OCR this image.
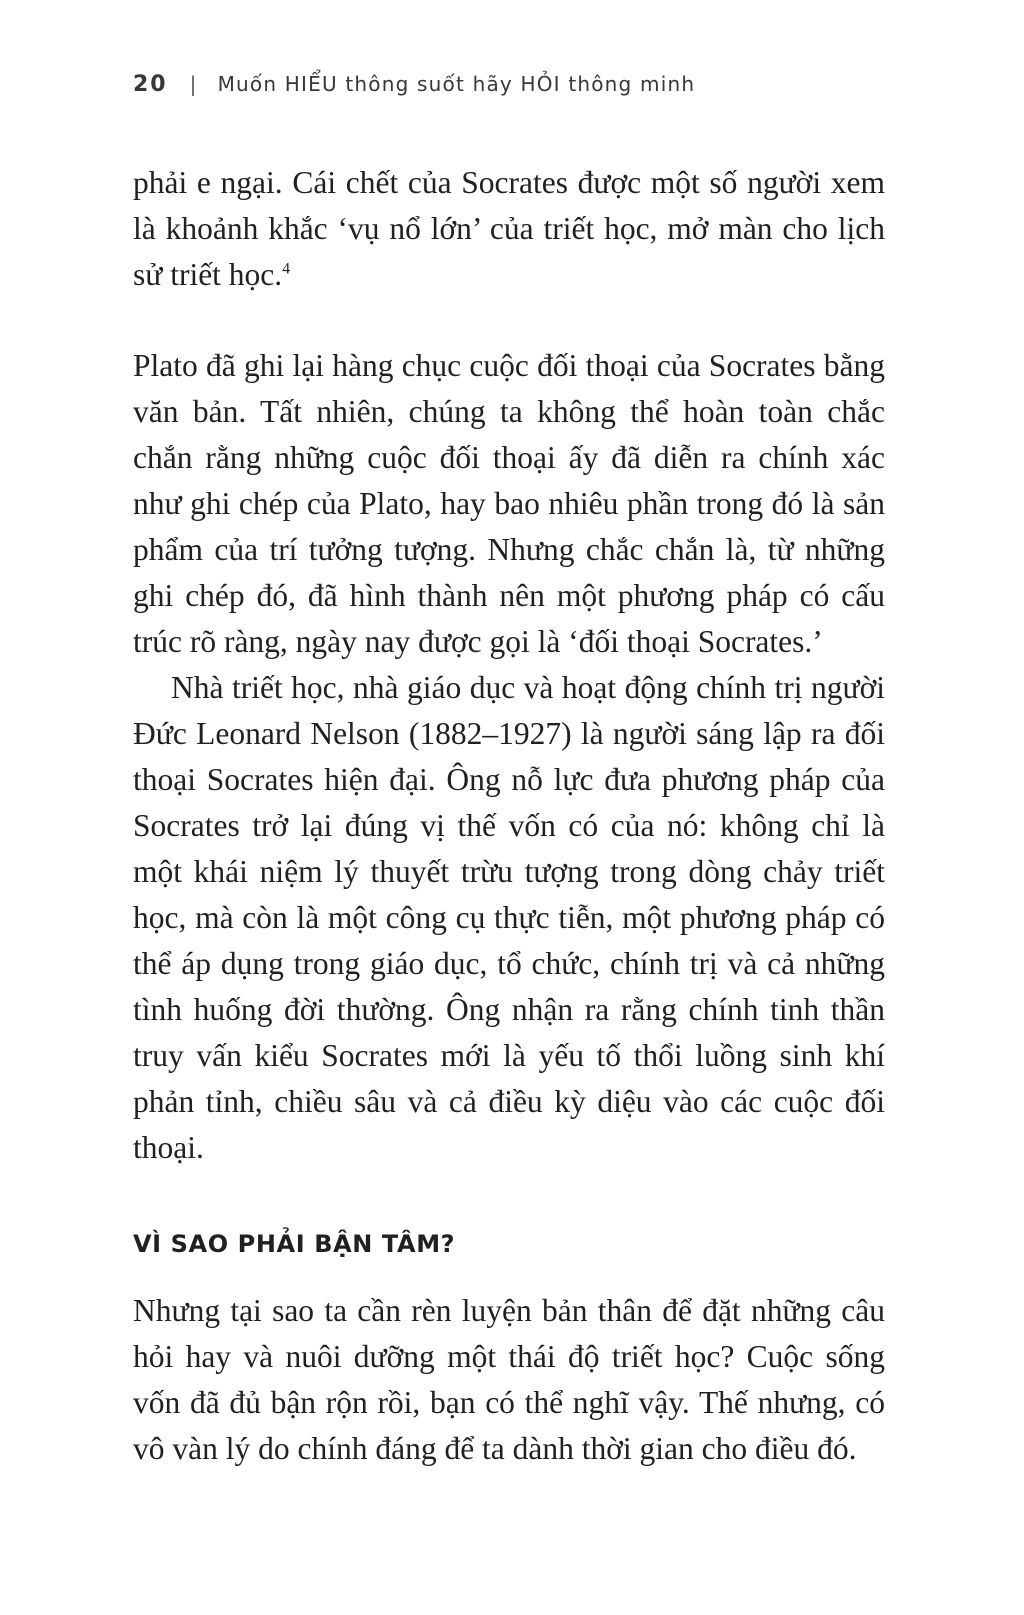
20 | Muốn HIỂU thông suốt hãy HỎI thông minh

phải e ngại. Cái chết của Socrates được một số người xem là khoảnh khắc ‘vụ nổ lớn’ của triết học, mở màn cho lịch sử triết học.$^4$

Plato đã ghi lại hàng chục cuộc đối thoại của Socrates bằng văn bản. Tất nhiên, chúng ta không thể hoàn toàn chắc chắn rằng những cuộc đối thoại ấy đã diễn ra chính xác như ghi chép của Plato, hay bao nhiêu phần trong đó là sản phẩm của trí tưởng tượng. Nhưng chắc chắn là, từ những ghi chép đó, đã hình thành nên một phương pháp có cấu trúc rõ ràng, ngày nay được gọi là ‘đối thoại Socrates.’

Nhà triết học, nhà giáo dục và hoạt động chính trị người Đức Leonard Nelson (1882–1927) là người sáng lập ra đối thoại Socrates hiện đại. Ông nỗ lực đưa phương pháp của Socrates trở lại đúng vị thế vốn có của nó: không chỉ là một khái niệm lý thuyết trừu tượng trong dòng chảy triết học, mà còn là một công cụ thực tiễn, một phương pháp có thể áp dụng trong giáo dục, tổ chức, chính trị và cả những tình huống đời thường. Ông nhận ra rằng chính tinh thần truy vấn kiểu Socrates mới là yếu tố thổi luồng sinh khí phản tỉnh, chiều sâu và cả điều kỳ diệu vào các cuộc đối thoại.

VÌ SAO PHẢI BẬN TÂM?

Nhưng tại sao ta cần rèn luyện bản thân để đặt những câu hỏi hay và nuôi dưỡng một thái độ triết học? Cuộc sống vốn đã đủ bận rộn rồi, bạn có thể nghĩ vậy. Thế nhưng, có vô vàn lý do chính đáng để ta dành thời gian cho điều đó.
